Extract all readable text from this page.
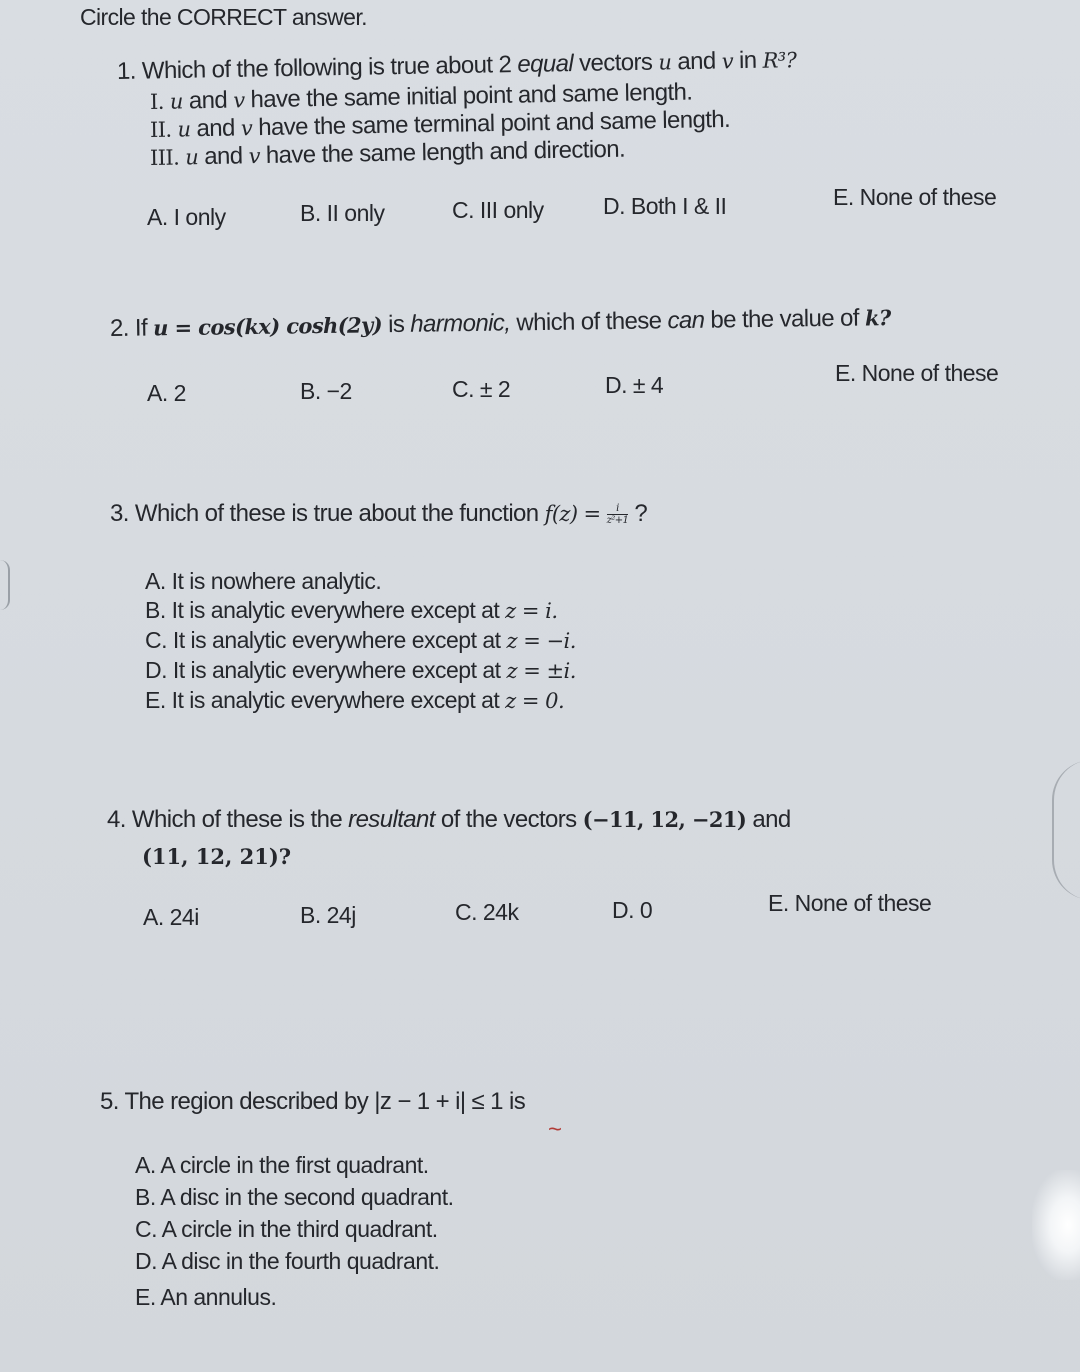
Circle the CORRECT answer.
1. Which of the following is true about 2 equal vectors u and v in R³?
I. u and v have the same initial point and same length.
II. u and v have the same terminal point and same length.
III. u and v have the same length and direction.
A. I only	B. II only	C. III only	D. Both I & II	E. None of these
2. If u = cos(kx) cosh(2y) is harmonic, which of these can be the value of k?
A. 2	B. −2	C. ± 2	D. ± 4	E. None of these
3. Which of these is true about the function $f(z) = \frac{i}{\text{z²+1}}$ ?
A. It is nowhere analytic.
B. It is analytic everywhere except at z = i.
C. It is analytic everywhere except at z = −i.
D. It is analytic everywhere except at z = ±i.
E. It is analytic everywhere except at z = 0.
4. Which of these is the resultant of the vectors (−11, 12, −21) and
(11, 12, 21)?
A. 24i	B. 24j	C. 24k	D. 0	E. None of these
5. The region described by |z − 1 + i| ≤ 1 is
~
A. A circle in the first quadrant.
B. A disc in the second quadrant.
C. A circle in the third quadrant.
D. A disc in the fourth quadrant.
E. An annulus.
